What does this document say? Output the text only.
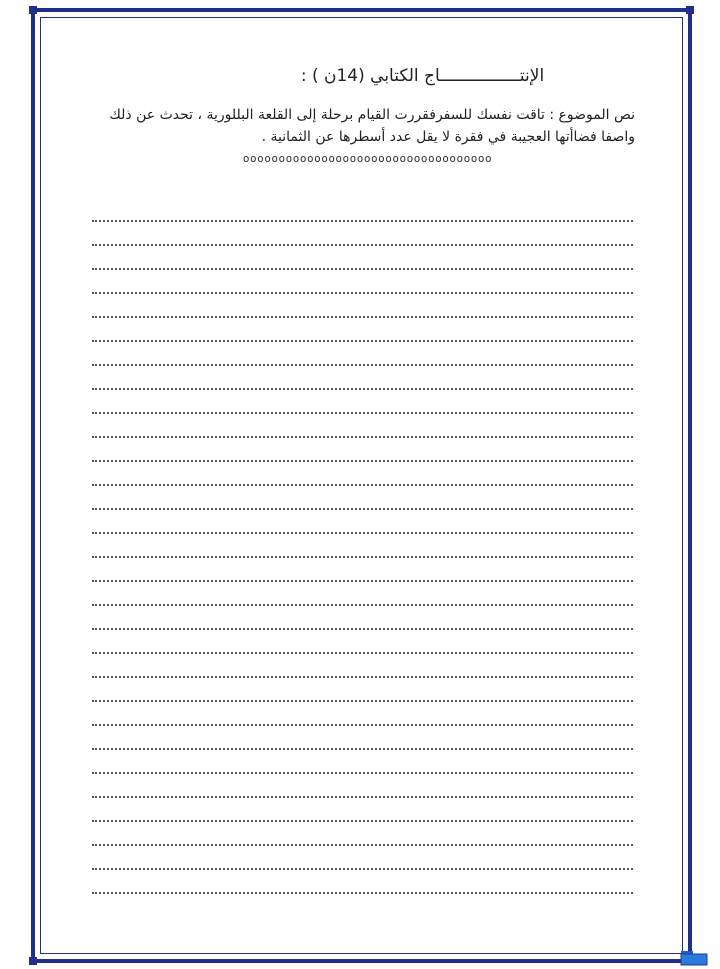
الإنتــــــــــــــــاج الكتابي (14ن ) :
نص الموضوع : تاقت نفسك للسفرفقررت القيام برحلة إلى القلعة البللورية ، تحدث عن ذلك واصفا فضاأتها العجيبة في فقرة لا يقل عدد أسطرها عن الثمانية .
ooooooooooooooooooooooooooooooooooo
